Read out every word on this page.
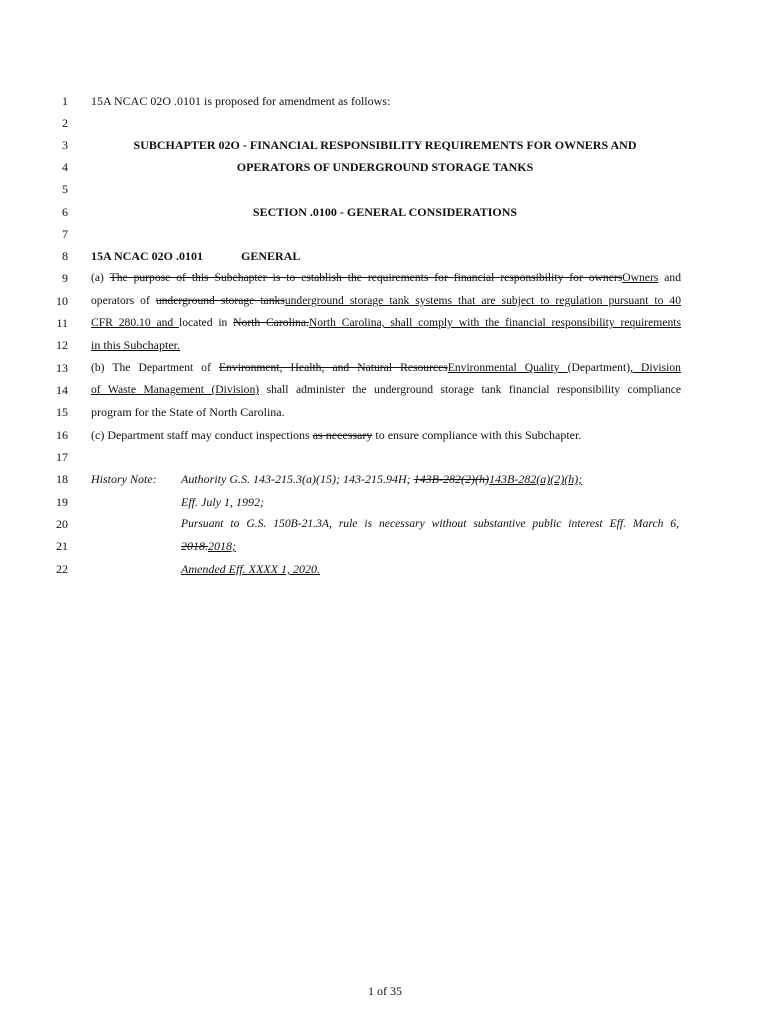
1 15A NCAC 02O .0101 is proposed for amendment as follows:
2
3	SUBCHAPTER 02O - FINANCIAL RESPONSIBILITY REQUIREMENTS FOR OWNERS AND
4	OPERATORS OF UNDERGROUND STORAGE TANKS
5
6	SECTION .0100 - GENERAL CONSIDERATIONS
7
8 15A NCAC 02O .0101	GENERAL
9 (a) The purpose of this Subchapter is to establish the requirements for financial responsibility for ownersOwners and
10 operators of underground storage tanksunderground storage tank systems that are subject to regulation pursuant to 40
11 CFR 280.10 and located in North Carolina.North Carolina, shall comply with the financial responsibility requirements
12 in this Subchapter.
13 (b) The Department of Environment, Health, and Natural ResourcesEnvironmental Quality (Department), Division
14 of Waste Management (Division) shall administer the underground storage tank financial responsibility compliance
15 program for the State of North Carolina.
16 (c) Department staff may conduct inspections as necessary to ensure compliance with this Subchapter.
17
18 History Note: Authority G.S. 143-215.3(a)(15); 143-215.94H; 143B-282(2)(h)143B-282(a)(2)(h);
19	Eff. July 1, 1992;
20	Pursuant to G.S. 150B-21.3A, rule is necessary without substantive public interest Eff. March 6,
21	2018.2018;
22	Amended Eff. XXXX 1, 2020.
1 of 35
